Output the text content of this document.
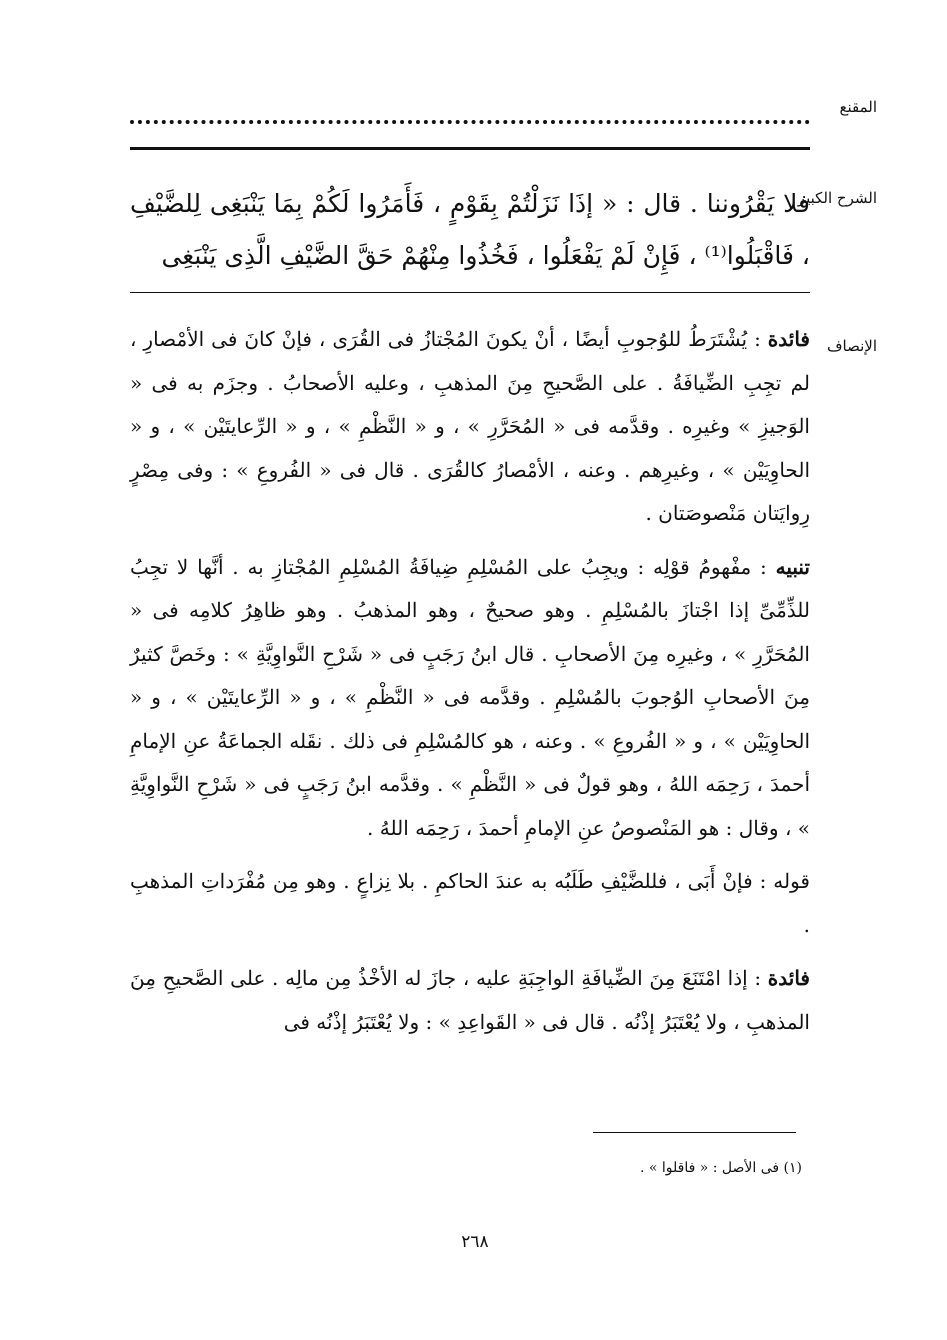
المقنع
الشرح الكبير
فلا يَقْرُوننا . قال : « إذَا نَزَلْتُمْ بِقَوْمٍ ، فَأَمَرُوا لَكُمْ بِمَا يَنْبَغِى لِلضَّيْفِ ، فَاقْبَلُوا⁽¹⁾ ، فَإِنْ لَمْ يَفْعَلُوا ، فَخُذُوا مِنْهُمْ حَقَّ الضَّيْفِ الَّذِى يَنْبَغِى
الإنصاف

فائدة : يُشْتَرَطُ للوُجوبِ أيضًا ، أنْ يكونَ المُجْتازُ فى القُرَى ، فإنْ كانَ فى الأمْصارِ ، لم تجِبِ الضِّيافَةُ . على الصَّحيحِ مِنَ المذهبِ ، وعليه الأصحابُ . وجزَم به فى « الوَجيزِ » وغيرِه . وقدَّمه فى « المُحَرَّرِ » ، و « النَّظْمِ » ، و « الرِّعايتَيْن » ، و « الحاوِيَيْن » ، وغيرِهم . وعنه ، الأمْصارُ كالقُرَى . قال فى « الفُروعِ » : وفى مِصْرٍ رِوايَتان مَنْصوصَتان .

تنبيه : مفْهومُ قوْلِه : ويجِبُ على المُسْلِمِ ضِيافَةُ المُسْلِمِ المُجْتازِ به . أنَّها لا تجِبُ للذِّمِّىِّ إذا اجْتازَ بالمُسْلِمِ . وهو صحيحٌ ، وهو المذهبُ . وهو ظاهِرُ كلامِه فى « المُحَرَّرِ » ، وغيرِه مِنَ الأصحابِ . قال ابنُ رَجَبٍ فى « شَرْحِ النَّواوِيَّةِ » : وخَصَّ كثيرٌ مِنَ الأصحابِ الوُجوبَ بالمُسْلِمِ . وقدَّمه فى « النَّظْمِ » ، و « الرِّعايتَيْن » ، و « الحاوِيَيْن » ، و « الفُروعِ » . وعنه ، هو كالمُسْلِمِ فى ذلك . نقَله الجماعَةُ عنِ الإمامِ أحمدَ ، رَحِمَه اللهُ ، وهو قولٌ فى « النَّظْمِ » . وقدَّمه ابنُ رَجَبٍ فى « شَرْحِ النَّواوِيَّةِ » ، وقال : هو المَنْصوصُ عنِ الإمامِ أحمدَ ، رَحِمَه اللهُ .

قوله : فإنْ أَبَى ، فللضَّيْفِ طَلَبُه به عندَ الحاكمِ . بلا نِزاعٍ . وهو مِن مُفْرَداتِ المذهبِ .

فائدة : إذا امْتَنَعَ مِنَ الضِّيافَةِ الواجِبَةِ عليه ، جازَ له الأخْذُ مِن مالِه . على الصَّحيحِ مِنَ المذهبِ ، ولا يُعْتَبَرُ إذْنُه . قال فى « القَواعِدِ » : ولا يُعْتَبَرُ إذْنُه فى

(١) فى الأصل : « فاقلوا » .
٢٦٨
